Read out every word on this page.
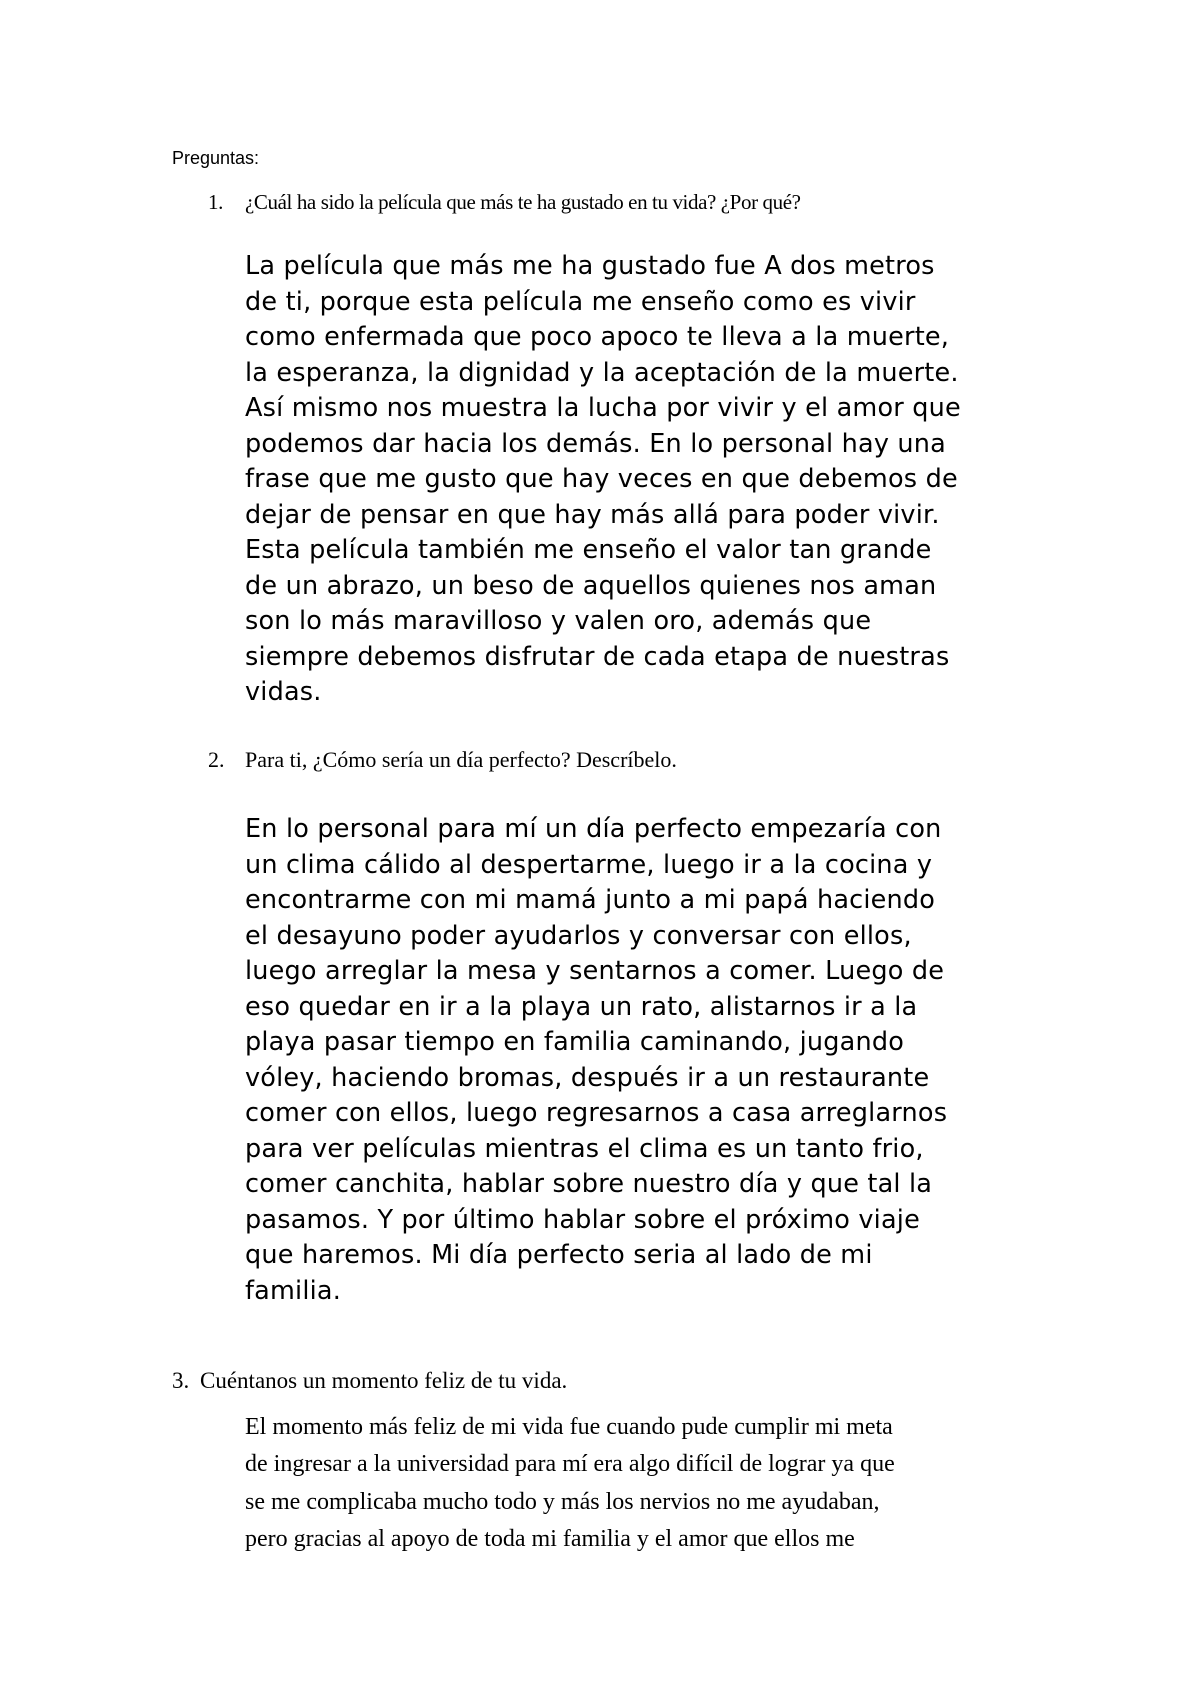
Preguntas:
1. ¿Cuál ha sido la película que más te ha gustado en tu vida? ¿Por qué?

La película que más me ha gustado fue A dos metros
de ti, porque esta película me enseño como es vivir
como enfermada que poco apoco te lleva a la muerte,
la esperanza, la dignidad y la aceptación de la muerte.
Así mismo nos muestra la lucha por vivir y el amor que
podemos dar hacia los demás. En lo personal hay una
frase que me gusto que hay veces en que debemos de
dejar de pensar en que hay más allá para poder vivir.
Esta película también me enseño el valor tan grande
de un abrazo, un beso de aquellos quienes nos aman
son lo más maravilloso y valen oro, además que
siempre debemos disfrutar de cada etapa de nuestras
vidas.

2. Para ti, ¿Cómo sería un día perfecto? Descríbelo.

En lo personal para mí un día perfecto empezaría con
un clima cálido al despertarme, luego ir a la cocina y
encontrarme con mi mamá junto a mi papá haciendo
el desayuno poder ayudarlos y conversar con ellos,
luego arreglar la mesa y sentarnos a comer. Luego de
eso quedar en ir a la playa un rato, alistarnos ir a la
playa pasar tiempo en familia caminando, jugando
vóley, haciendo bromas, después ir a un restaurante
comer con ellos, luego regresarnos a casa arreglarnos
para ver películas mientras el clima es un tanto frio,
comer canchita, hablar sobre nuestro día y que tal la
pasamos. Y por último hablar sobre el próximo viaje
que haremos. Mi día perfecto seria al lado de mi
familia.

3. Cuéntanos un momento feliz de tu vida.

El momento más feliz de mi vida fue cuando pude cumplir mi meta
de ingresar a la universidad para mí era algo difícil de lograr ya que
se me complicaba mucho todo y más los nervios no me ayudaban,
pero gracias al apoyo de toda mi familia y el amor que ellos me
